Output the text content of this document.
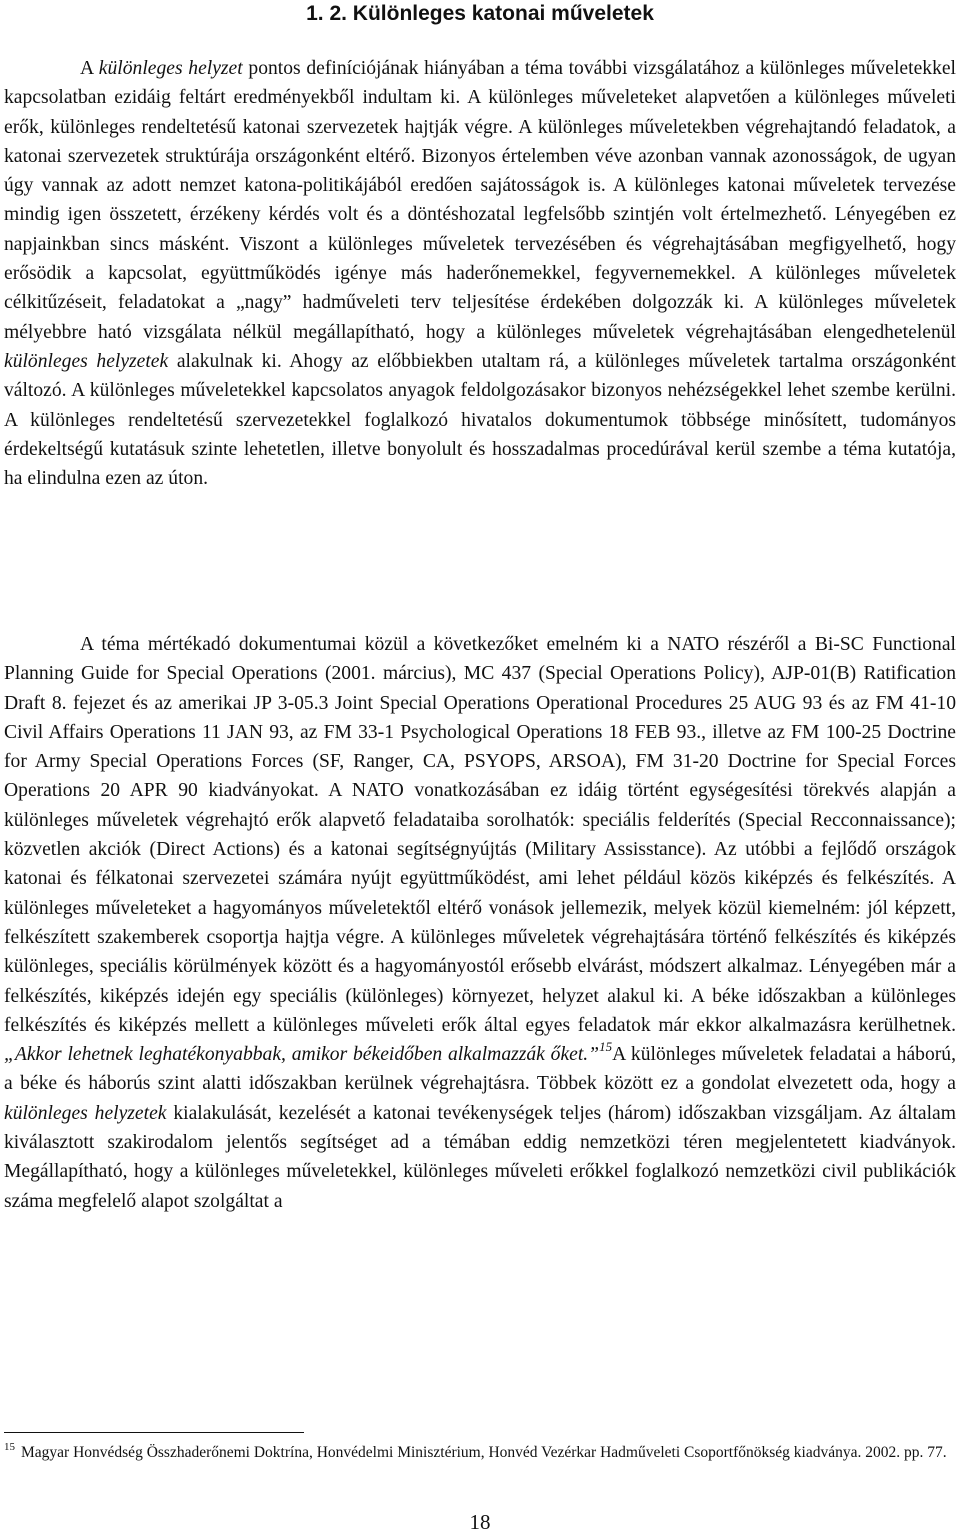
1. 2. Különleges katonai műveletek

A különleges helyzet pontos definíciójának hiányában a téma további vizsgálatához a különleges műveletekkel kapcsolatban ezidáig feltárt eredményekből indultam ki. A különleges műveleteket alapvetően a különleges műveleti erők, különleges rendeltetésű katonai szervezetek hajtják végre. A különleges műveletekben végrehajtandó feladatok, a katonai szervezetek struktúrája országonként eltérő. Bizonyos értelemben véve azonban vannak azonosságok, de ugyan úgy vannak az adott nemzet katona-politikájából eredően sajátosságok is. A különleges katonai műveletek tervezése mindig igen összetett, érzékeny kérdés volt és a döntéshozatal legfelsőbb szintjén volt értelmezhető. Lényegében ez napjainkban sincs másként. Viszont a különleges műveletek tervezésében és végrehajtásában megfigyelhető, hogy erősödik a kapcsolat, együttműködés igénye más haderőnemekkel, fegyvernemekkel. A különleges műveletek célkitűzéseit, feladatokat a „nagy” hadműveleti terv teljesítése érdekében dolgozzák ki. A különleges műveletek mélyebbre ható vizsgálata nélkül megállapítható, hogy a különleges műveletek végrehajtásában elengedhetelenül különleges helyzetek alakulnak ki. Ahogy az előbbiekben utaltam rá, a különleges műveletek tartalma országonként változó. A különleges műveletekkel kapcsolatos anyagok feldolgozásakor bizonyos nehézségekkel lehet szembe kerülni. A különleges rendeltetésű szervezetekkel foglalkozó hivatalos dokumentumok többsége minősített, tudományos érdekeltségű kutatásuk szinte lehetetlen, illetve bonyolult és hosszadalmas procedúrával kerül szembe a téma kutatója, ha elindulna ezen az úton.

A téma mértékadó dokumentumai közül a következőket emelném ki a NATO részéről a Bi-SC Functional Planning Guide for Special Operations (2001. március), MC 437 (Special Operations Policy), AJP-01(B) Ratification Draft 8. fejezet és az amerikai JP 3-05.3 Joint Special Operations Operational Procedures 25 AUG 93 és az FM 41-10 Civil Affairs Operations 11 JAN 93, az FM 33-1 Psychological Operations 18 FEB 93., illetve az FM 100-25 Doctrine for Army Special Operations Forces (SF, Ranger, CA, PSYOPS, ARSOA), FM 31-20 Doctrine for Special Forces Operations 20 APR 90 kiadványokat. A NATO vonatkozásában ez idáig történt egységesítési törekvés alapján a különleges műveletek végrehajtó erők alapvető feladataiba sorolhatók: speciális felderítés (Special Recconnaissance); közvetlen akciók (Direct Actions) és a katonai segítségnyújtás (Military Assisstance). Az utóbbi a fejlődő országok katonai és félkatonai szervezetei számára nyújt együttműködést, ami lehet például közös kiképzés és felkészítés. A különleges műveleteket a hagyományos műveletektől eltérő vonások jellemezik, melyek közül kiemelném: jól képzett, felkészített szakemberek csoportja hajtja végre. A különleges műveletek végrehajtására történő felkészítés és kiképzés különleges, speciális körülmények között és a hagyományostól erősebb elvárást, módszert alkalmaz. Lényegében már a felkészítés, kiképzés idején egy speciális (különleges) környezet, helyzet alakul ki. A béke időszakban a különleges felkészítés és kiképzés mellett a különleges műveleti erők által egyes feladatok már ekkor alkalmazásra kerülhetnek. „Akkor lehetnek leghatékonyabbak, amikor békeidőben alkalmazzák őket.”$^{15}$A különleges műveletek feladatai a háború, a béke és háborús szint alatti időszakban kerülnek végrehajtásra. Többek között ez a gondolat elvezetett oda, hogy a különleges helyzetek kialakulását, kezelését a katonai tevékenységek teljes (három) időszakban vizsgáljam. Az általam kiválasztott szakirodalom jelentős segítséget ad a témában eddig nemzetközi téren megjelentetett kiadványok. Megállapítható, hogy a különleges műveletekkel, különleges műveleti erőkkel foglalkozó nemzetközi civil publikációk száma megfelelő alapot szolgáltat a

$^{15}$ Magyar Honvédség Összhaderőnemi Doktrína, Honvédelmi Minisztérium, Honvéd Vezérkar Hadműveleti Csoportfőnökség kiadványa. 2002. pp. 77.

18
